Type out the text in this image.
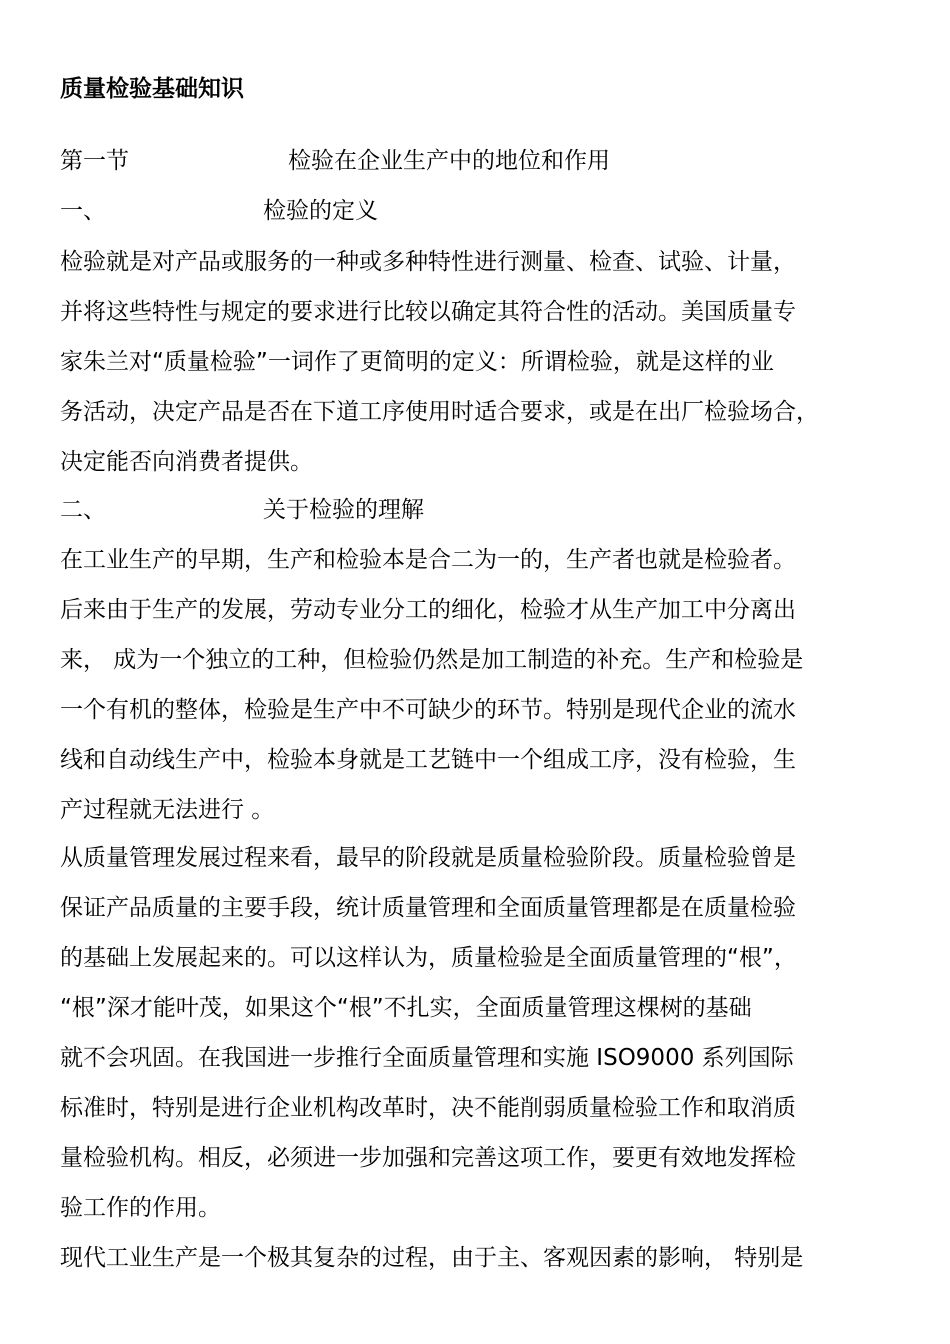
质量检验基础知识
第一节	检验在企业生产中的地位和作用
一、	检验的定义
检验就是对产品或服务的一种或多种特性进行测量、检查、试验、计量，
并将这些特性与规定的要求进行比较以确定其符合性的活动。美国质量专
家朱兰对“质量检验”一词作了更简明的定义：所谓检验，就是这样的业
务活动，决定产品是否在下道工序使用时适合要求，或是在出厂检验场合，
决定能否向消费者提供。
二、	关于检验的理解
在工业生产的早期，生产和检验本是合二为一的，生产者也就是检验者。
后来由于生产的发展，劳动专业分工的细化，检验才从生产加工中分离出
来， 成为一个独立的工种，但检验仍然是加工制造的补充。生产和检验是
一个有机的整体，检验是生产中不可缺少的环节。特别是现代企业的流水
线和自动线生产中，检验本身就是工艺链中一个组成工序，没有检验，生
产过程就无法进行 。
从质量管理发展过程来看，最早的阶段就是质量检验阶段。质量检验曾是
保证产品质量的主要手段，统计质量管理和全面质量管理都是在质量检验
的基础上发展起来的。可以这样认为，质量检验是全面质量管理的“根”，
“根”深才能叶茂，如果这个“根”不扎实，全面质量管理这棵树的基础
就不会巩固。在我国进一步推行全面质量管理和实施 ISO9000 系列国际
标准时，特别是进行企业机构改革时，决不能削弱质量检验工作和取消质
量检验机构。相反，必须进一步加强和完善这项工作，要更有效地发挥检
验工作的作用。
现代工业生产是一个极其复杂的过程，由于主、客观因素的影响， 特别是
